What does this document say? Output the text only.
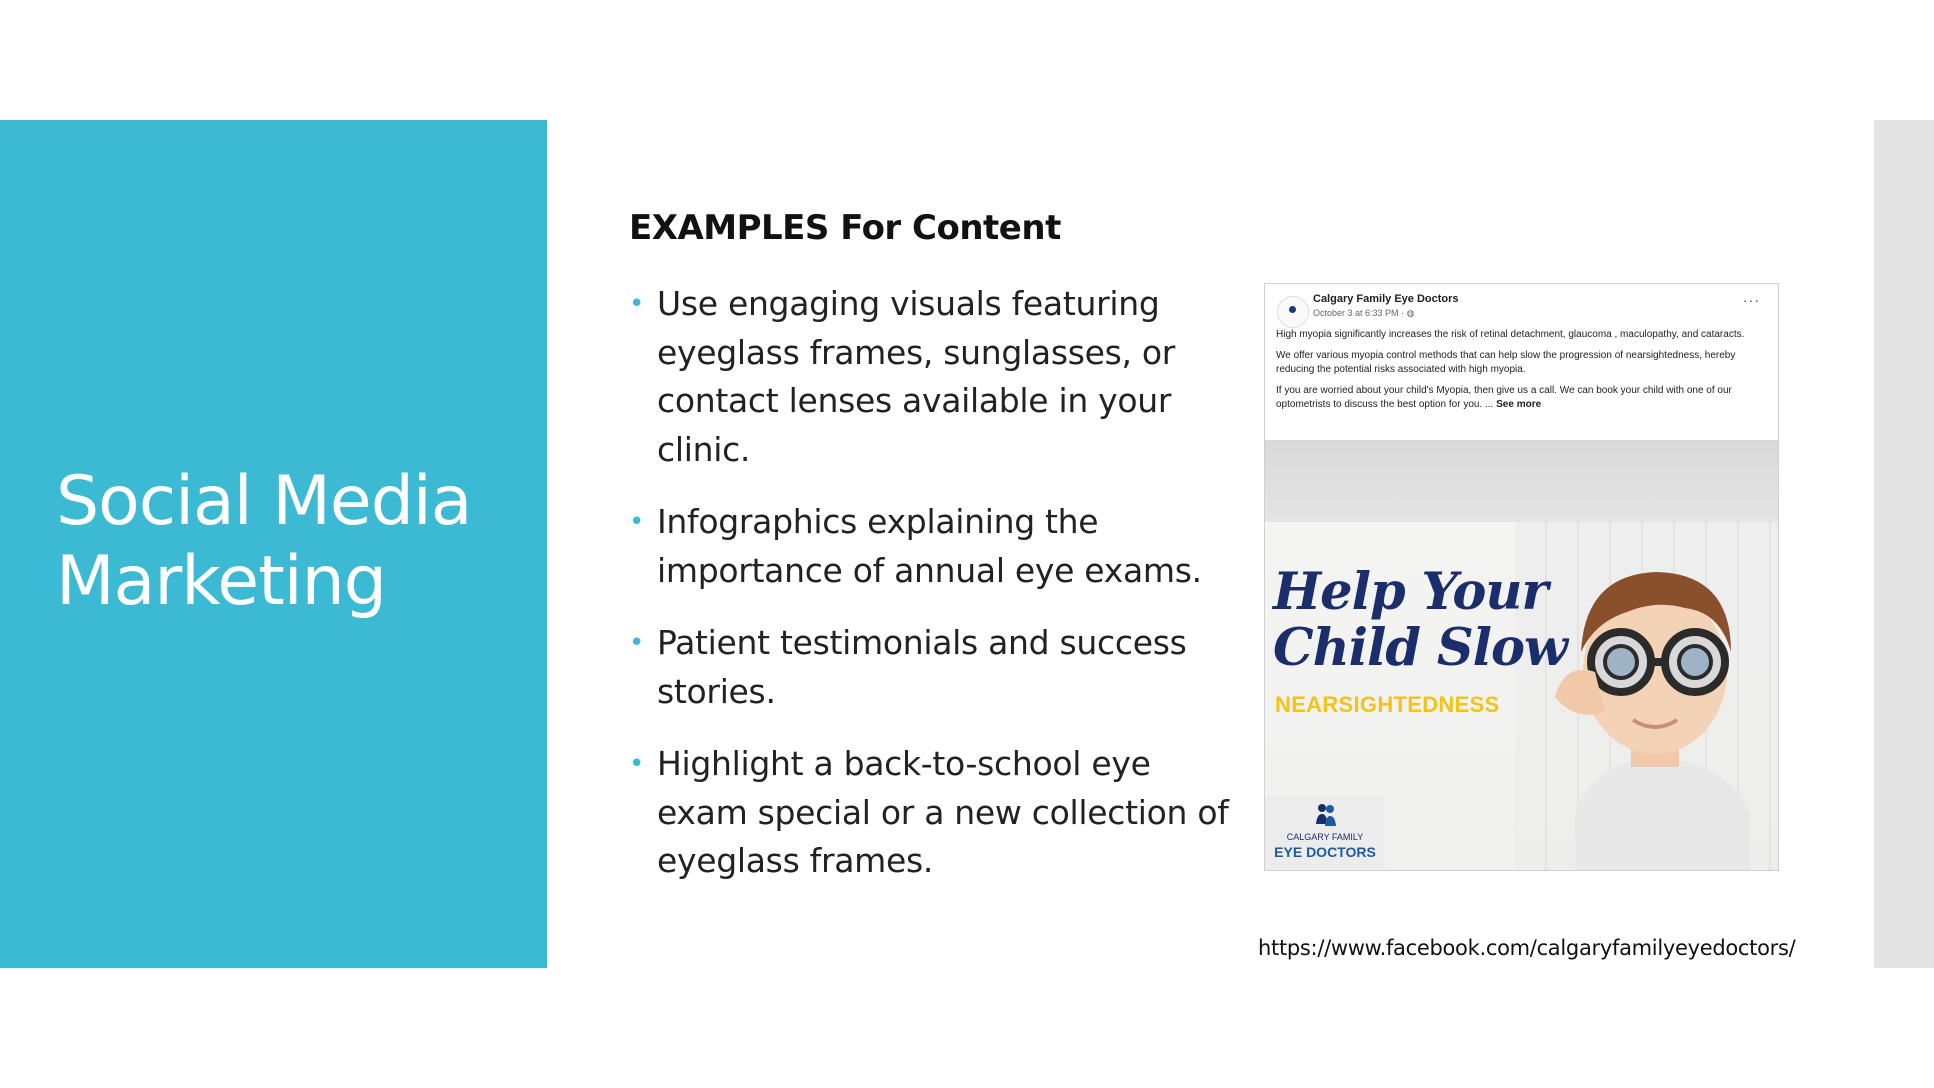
Social Media
Marketing
EXAMPLES For Content
• Use engaging visuals featuring eyeglass frames, sunglasses, or contact lenses available in your clinic.
• Infographics explaining the importance of annual eye exams.
• Patient testimonials and success stories.
• Highlight a back-to-school eye exam special or a new collection of eyeglass frames.
Calgary Family Eye Doctors
October 3 at 6:33 PM · ◍
···

High myopia significantly increases the risk of retinal detachment, glaucoma , maculopathy, and cataracts.

We offer various myopia control methods that can help slow the progression of nearsightedness, hereby reducing the potential risks associated with high myopia.

If you are worried about your child's Myopia, then give us a call. We can book your child with one of our optometrists to discuss the best option for you. ... See more

Help Your
Child Slow
NEARSIGHTEDNESS
CALGARY FAMILY
EYE DOCTORS
https://www.facebook.com/calgaryfamilyeyedoctors/
